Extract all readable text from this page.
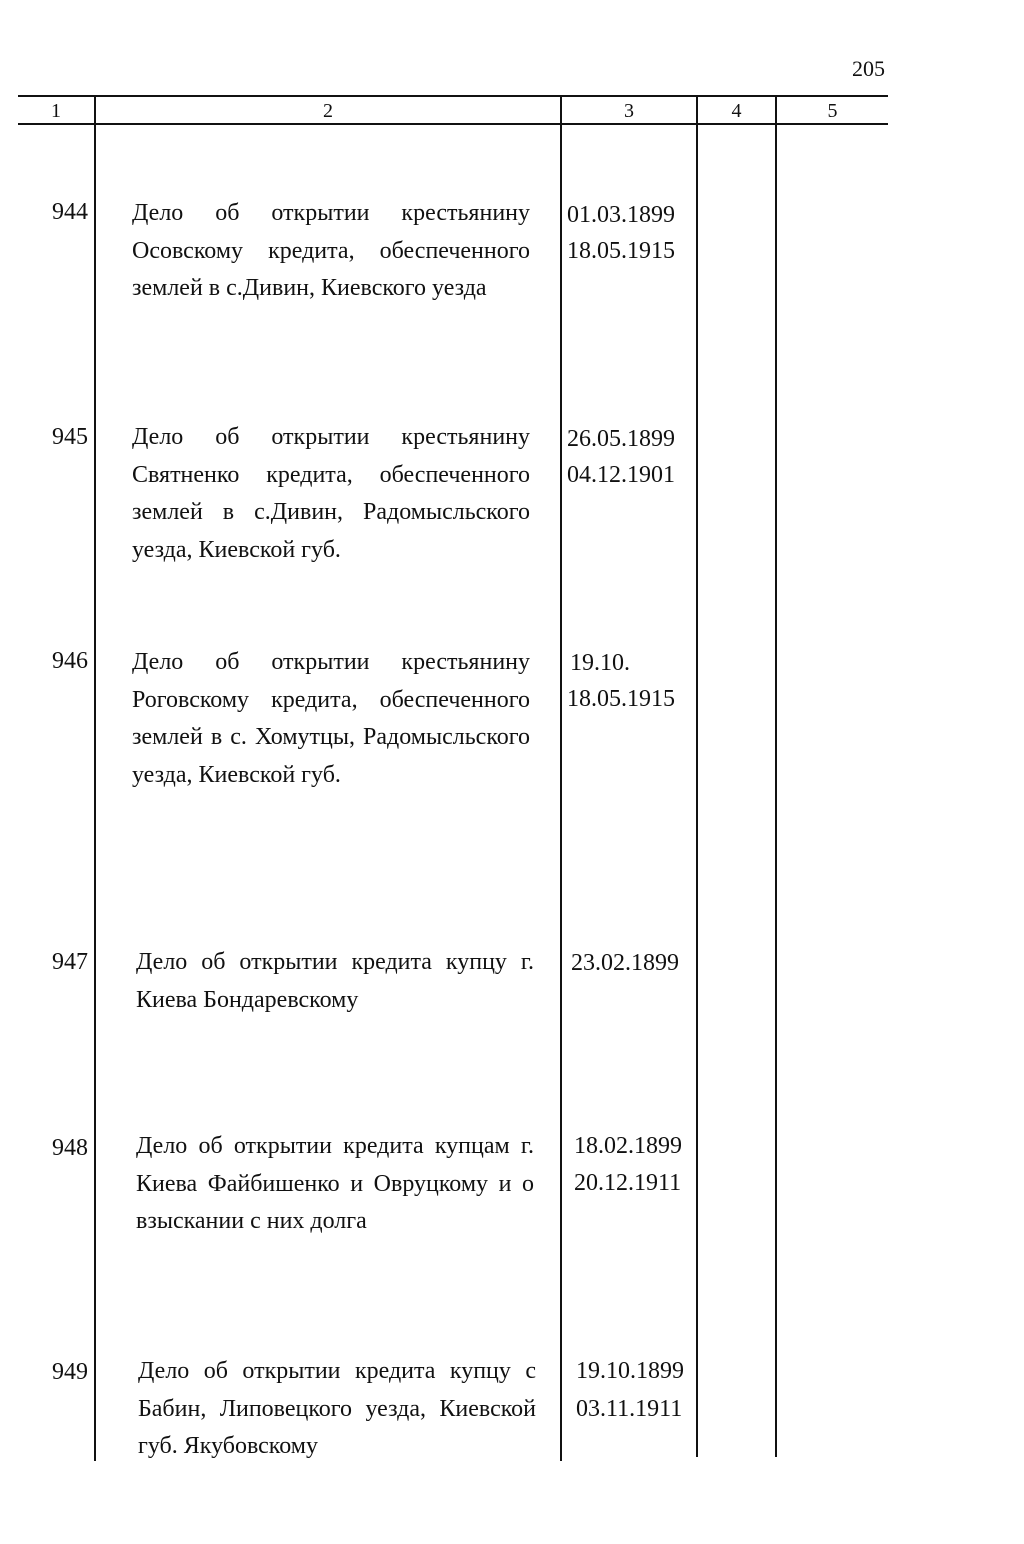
205
1	2	3	4	5
944 Дело об открытии крестьянину Осовскому кредита, обеспеченного землей в с.Дивин, Киевского уезда
01.03.1899
18.05.1915
945 Дело об открытии крестьянину Святненко кредита, обеспеченного землей в с.Дивин, Радомысльского уезда, Киевской губ.
26.05.1899
04.12.1901
946 Дело об открытии крестьянину Роговскому кредита, обеспеченного землей в с. Хомутцы, Радомысльского уезда, Киевской губ.
19.10.
18.05.1915
947 Дело об открытии кредита купцу г. Киева Бондаревскому
23.02.1899
948 Дело об открытии кредита купцам г. Киева Файбишенко и Овруцкому и о взыскании с них долга
18.02.1899
20.12.1911
949 Дело об открытии кредита купцу с Бабин, Липовецкого уезда, Киевской губ. Якубовскому
19.10.1899
03.11.1911
